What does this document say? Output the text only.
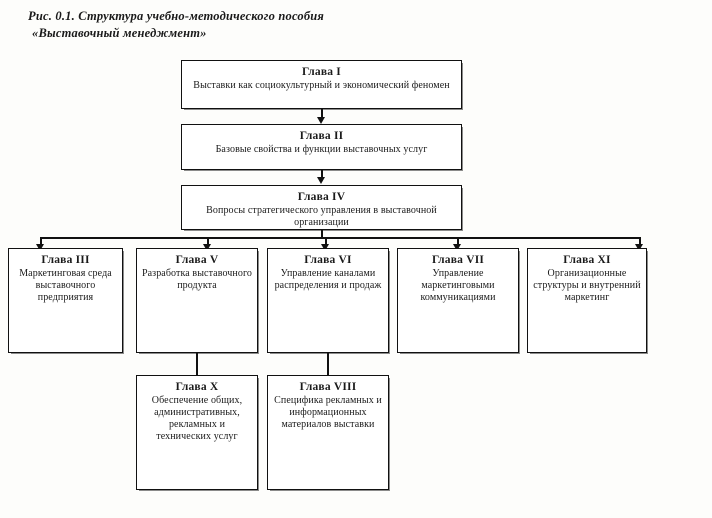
Рис. 0.1. Структура учебно-методического пособия
«Выставочный менеджмент»
Глава I
Выставки как социокультурный и экономический феномен
Глава II
Базовые свойства и функции выставочных услуг
Глава IV
Вопросы стратегического управления в выставочной организации
Глава III
Маркетинговая среда выставочного предприятия
Глава V
Разработка выставочного продукта
Глава VI
Управление каналами распределения и продаж
Глава VII
Управление маркетинговыми коммуникациями
Глава XI
Организационные структуры и внутренний маркетинг
Глава X
Обеспечение общих, административных, рекламных и технических услуг
Глава VIII
Специфика рекламных и информационных материалов выставки
